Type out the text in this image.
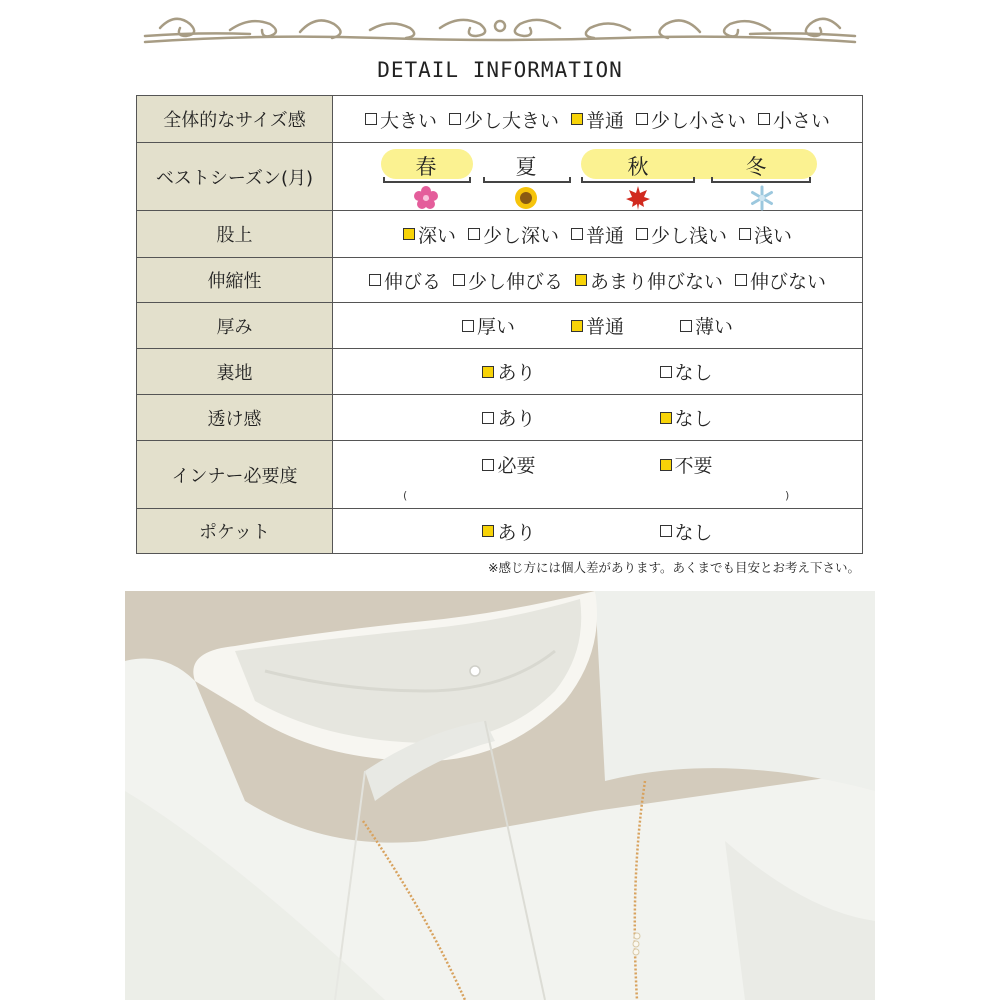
DETAIL INFORMATION
全体的なサイズ感	大きい 少し大きい 普通 少し小さい 小さい

ベストシーズン(月)	春 夏 秋 冬

股上	深い 少し深い 普通 少し浅い 浅い

伸縮性	伸びる 少し伸びる あまり伸びない 伸びない

厚み	厚い 普通 薄い

裏地	あり なし

透け感	あり なし

インナー必要度	必要 不要
( )

ポケット	あり なし
※感じ方には個人差があります。あくまでも目安とお考え下さい。
